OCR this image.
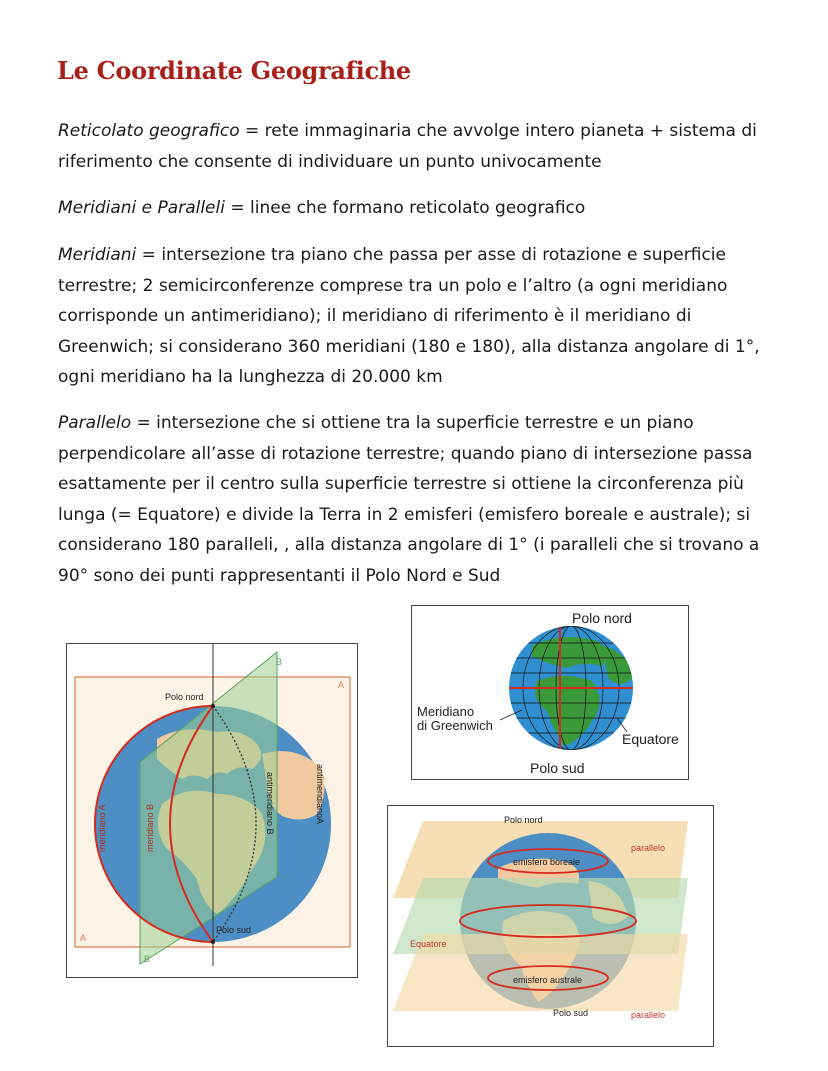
Le Coordinate Geografiche

Reticolato geografico = rete immaginaria che avvolge intero pianeta + sistema di riferimento che consente di individuare un punto univocamente

Meridiani e Paralleli = linee che formano reticolato geografico

Meridiani = intersezione tra piano che passa per asse di rotazione e superficie terrestre; 2 semicirconferenze comprese tra un polo e l’altro (a ogni meridiano corrisponde un antimeridiano); il meridiano di riferimento è il meridiano di Greenwich; si considerano 360 meridiani (180 e 180), alla distanza angolare di 1°, ogni meridiano ha la lunghezza di 20.000 km

Parallelo = intersezione che si ottiene tra la superficie terrestre e un piano perpendicolare all’asse di rotazione terrestre; quando piano di intersezione passa esattamente per il centro sulla superficie terrestre si ottiene la circonferenza più lunga (= Equatore) e divide la Terra in 2 emisferi (emisfero boreale e australe); si considerano 180 paralleli, , alla distanza angolare di 1° (i paralleli che si trovano a 90° sono dei punti rappresentanti il Polo Nord e Sud

A
A
B
B
Polo nord
Polo sud
meridiano A	meridiano B
antimeridianoA
antimeridiano B
Polo nord
Meridiano
di Greenwich
Equatore
Polo sud
Polo nord
parallelo
emisfero boreale
Equatore
emisfero australe
Polo sud	parallelo
